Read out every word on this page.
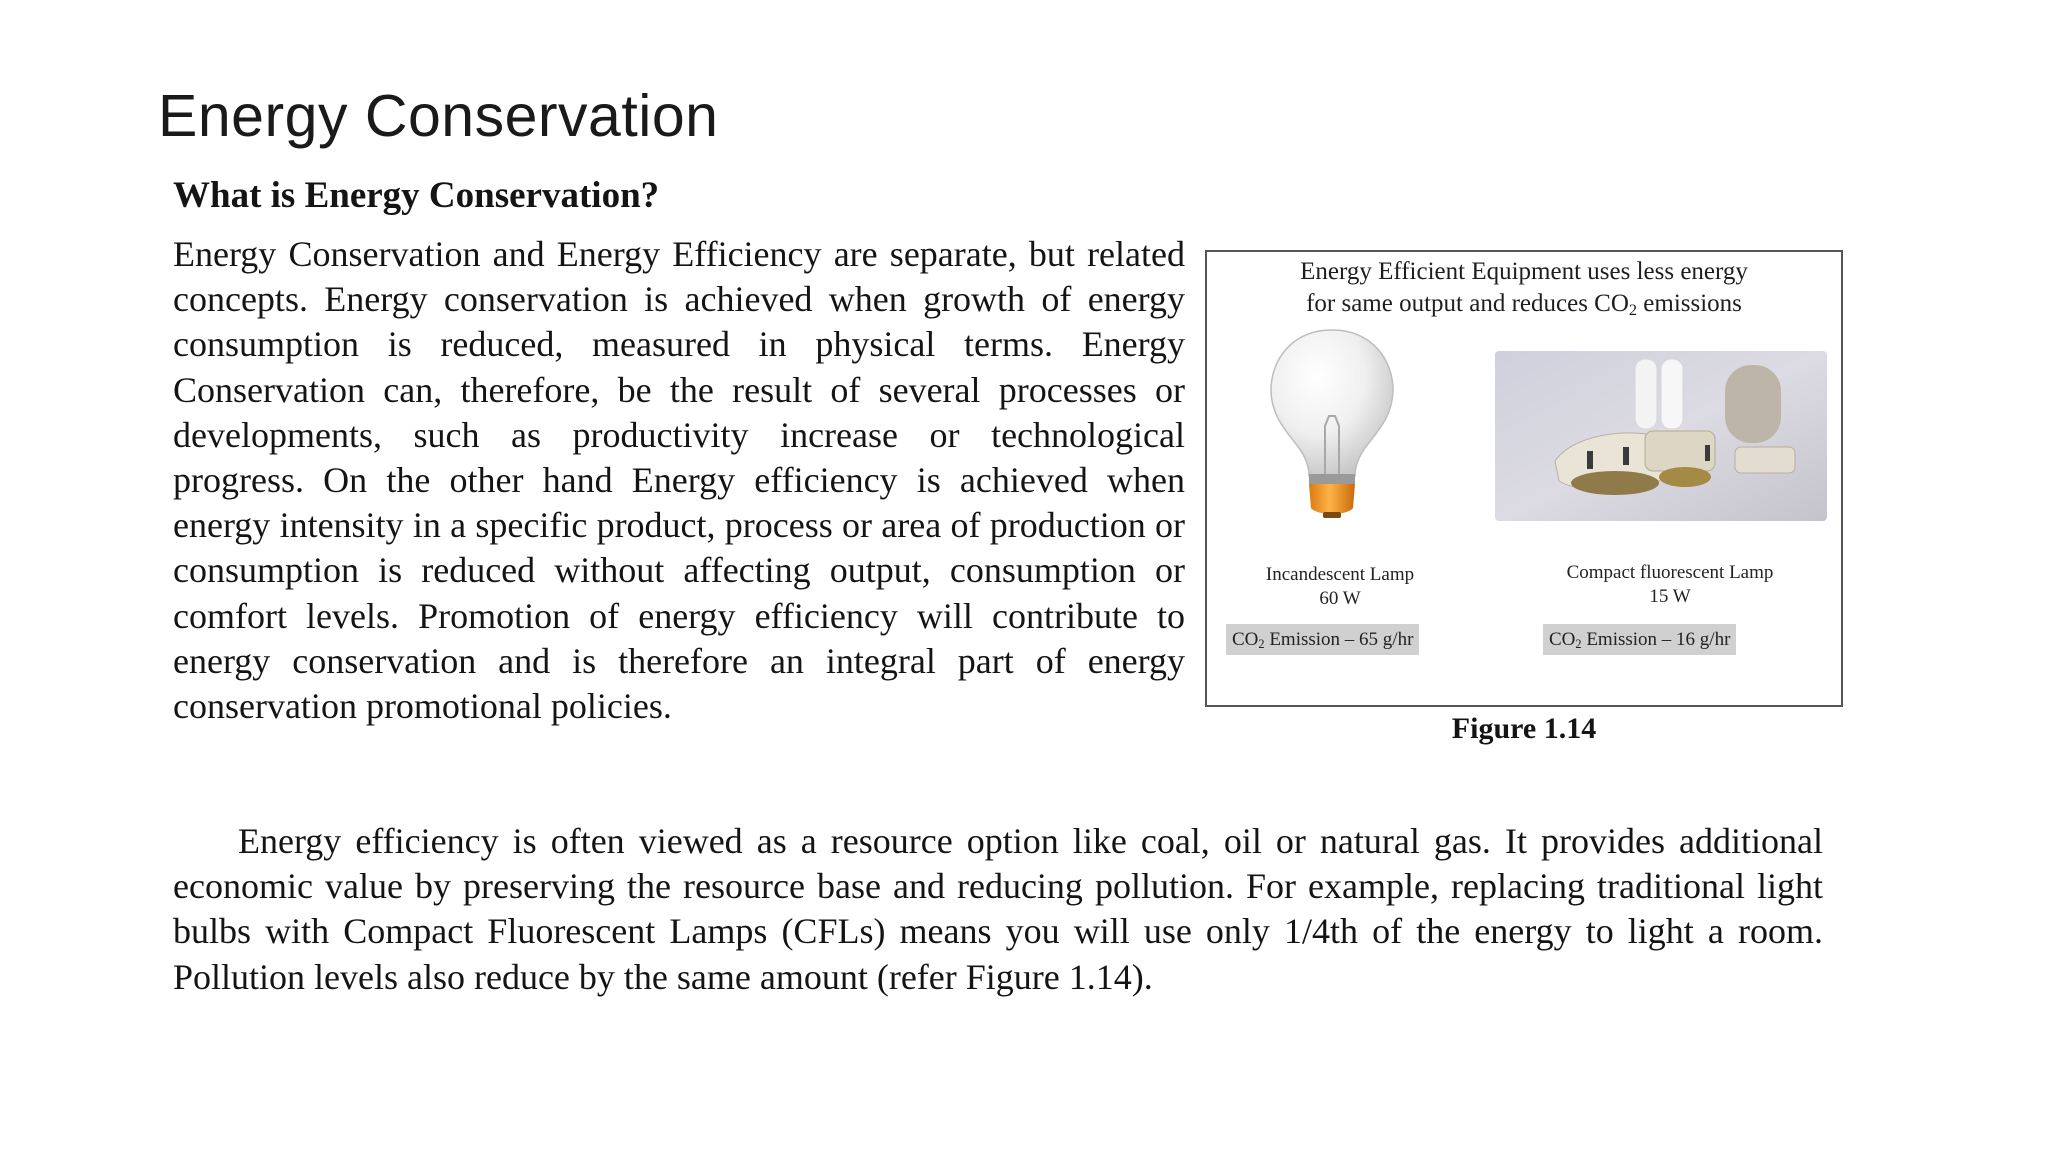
Energy Conservation
What is Energy Conservation?
Energy Conservation and Energy Efficiency are separate, but related concepts. Energy conservation is achieved when growth of energy consumption is reduced, measured in physical terms. Energy Conservation can, therefore, be the result of several processes or developments, such as productivity increase or technological progress. On the other hand Energy efficiency is achieved when energy intensity in a specific product, process or area of production or consumption is reduced without affecting output, consumption or comfort levels. Promotion of energy efficiency will contribute to energy conservation and is therefore an integral part of energy conservation promotional policies.
Energy Efficient Equipment uses less energy
for same output and reduces $CO_2$ emissions
Incandescent Lamp
60 W
Compact fluorescent Lamp
15 W
$CO_2$ Emission – 65 g/hr	$CO_2$ Emission – 16 g/hr
Figure 1.14
Energy efficiency is often viewed as a resource option like coal, oil or natural gas. It provides additional economic value by preserving the resource base and reducing pollution. For example, replacing traditional light bulbs with Compact Fluorescent Lamps (CFLs) means you will use only 1/4th of the energy to light a room. Pollution levels also reduce by the same amount (refer Figure 1.14).
